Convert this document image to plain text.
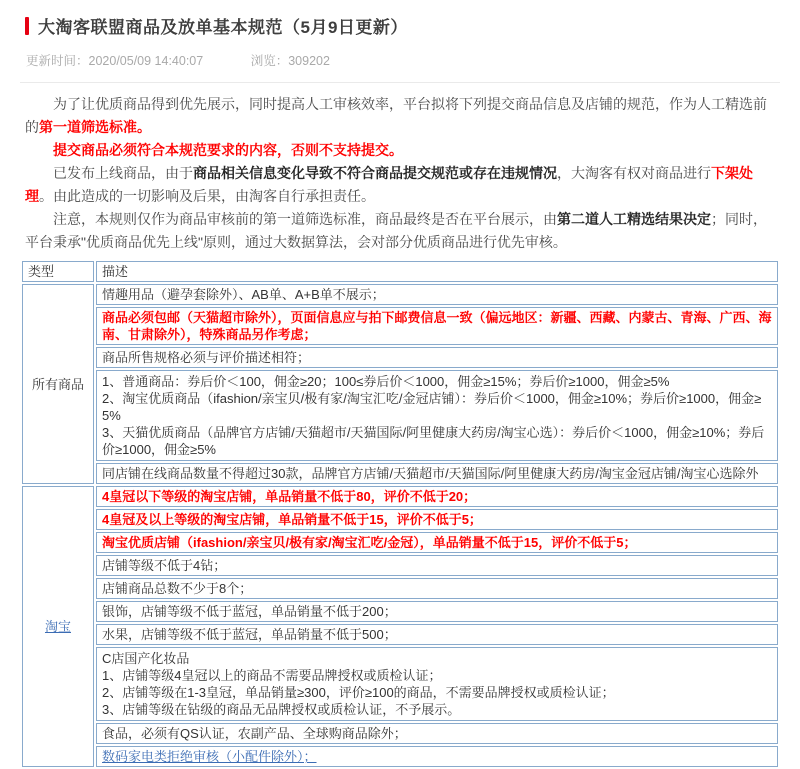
大淘客联盟商品及放单基本规范（5月9日更新）
更新时间：2020/05/09 14:40:07	浏览：309202

为了让优质商品得到优先展示，同时提高人工审核效率，平台拟将下列提交商品信息及店铺的规范，作为人工精选前的第一道筛选标准。

提交商品必须符合本规范要求的内容，否则不支持提交。

已发布上线商品，由于商品相关信息变化导致不符合商品提交规范或存在违规情况，大淘客有权对商品进行下架处理。由此造成的一切影响及后果，由淘客自行承担责任。

注意，本规则仅作为商品审核前的第一道筛选标准，商品最终是否在平台展示，由第二道人工精选结果决定；同时，平台秉承"优质商品优先上线"原则，通过大数据算法，会对部分优质商品进行优先审核。

类型	描述
所有商品	情趣用品（避孕套除外）、AB单、A+B单不展示；
	商品必须包邮（天猫超市除外），页面信息应与拍下邮费信息一致（偏远地区：新疆、西藏、内蒙古、青海、广西、海南、甘肃除外），特殊商品另作考虑；
	商品所售规格必须与评价描述相符；

	1、普通商品：券后价＜100，佣金≥20；100≤券后价＜1000，佣金≥15%；券后价≥1000，佣金≥5%
2、淘宝优质商品（ifashion/亲宝贝/极有家/淘宝汇吃/金冠店铺）：券后价＜1000，佣金≥10%；券后价≥1000，佣金≥5%
3、天猫优质商品（品牌官方店铺/天猫超市/天猫国际/阿里健康大药房/淘宝心选）：券后价＜1000，佣金≥10%；券后价≥1000，佣金≥5%

	同店铺在线商品数量不得超过30款，品牌官方店铺/天猫超市/天猫国际/阿里健康大药房/淘宝金冠店铺/淘宝心选除外
淘宝	4皇冠以下等级的淘宝店铺，单品销量不低于80，评价不低于20；
	4皇冠及以上等级的淘宝店铺，单品销量不低于15，评价不低于5；
	淘宝优质店铺（ifashion/亲宝贝/极有家/淘宝汇吃/金冠），单品销量不低于15，评价不低于5；
	店铺等级不低于4钻；
	店铺商品总数不少于8个；
	银饰，店铺等级不低于蓝冠，单品销量不低于200；
	水果，店铺等级不低于蓝冠，单品销量不低于500；

	C店国产化妆品
1、店铺等级4皇冠以上的商品不需要品牌授权或质检认证；
2、店铺等级在1-3皇冠，单品销量≥300，评价≥100的商品，不需要品牌授权或质检认证；
3、店铺等级在钻级的商品无品牌授权或质检认证，不予展示。

	食品，必须有QS认证，农副产品、全球购商品除外；
	数码家电类拒绝审核（小配件除外）；
